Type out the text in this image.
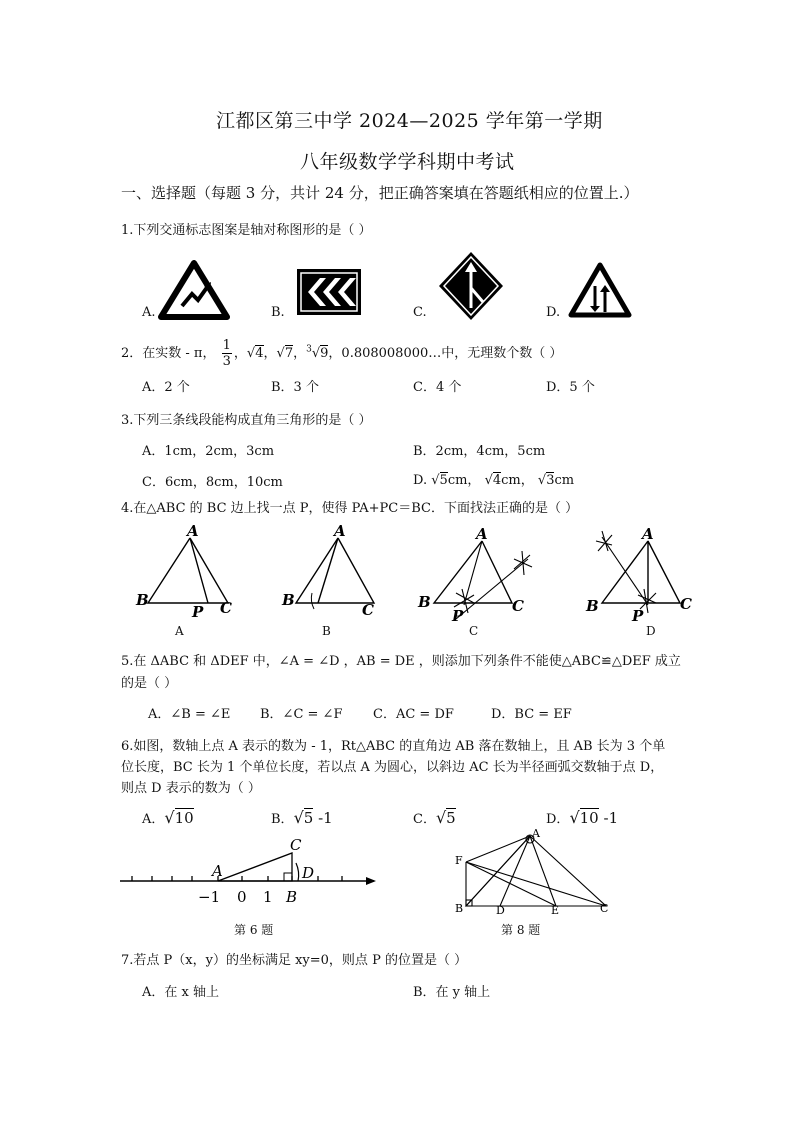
江都区第三中学 2024—2025 学年第一学期
八年级数学学科期中考试
一、选择题（每题 3 分，共计 24 分，把正确答案填在答题纸相应的位置上.）
1.下列交通标志图案是轴对称图形的是（ ）
A.	B.	C.	D.
2．在实数 - π， $\frac{1}{3}$ ，√4，√7，$^3$√9，0.808008000…中，无理数个数（ ）
A．2 个	B．3 个	C．4 个	D．5 个
3.下列三条线段能构成直角三角形的是（ ）
A．1cm，2cm，3cm	B．2cm，4cm，5cm
C．6cm，8cm，10cm	D. √5cm， √4cm， √3cm
4.在△ABC 的 BC 边上找一点 P，使得 PA+PC＝BC．下面找法正确的是（ ）
A
B	C
P
A
A
B
C
B
A
B	C
P
C
A
B	C
P
D
5.在 ΔABC 和 ΔDEF 中，∠A = ∠D ，AB = DE ，则添加下列条件不能使△ABC≌△DEF 成立
的是（ ）
A．∠B = ∠E B．∠C = ∠F C．AC = DF	D．BC = EF
6.如图，数轴上点 A 表示的数为 - 1，Rt△ABC 的直角边 AB 落在数轴上，且 AB 长为 3 个单
位长度，BC 长为 1 个单位长度，若以点 A 为圆心，以斜边 AC 长为半径画弧交数轴于点 D，
则点 D 表示的数为（ ）
A．√10	B．√5 -1	C．√5	D．√10 -1
A
C
D
B
−1 0 1
第 6 题
A
F
B	D	E	C
第 8 题
7.若点 P（x，y）的坐标满足 xy=0，则点 P 的位置是（ ）
A．在 x 轴上	B．在 y 轴上
